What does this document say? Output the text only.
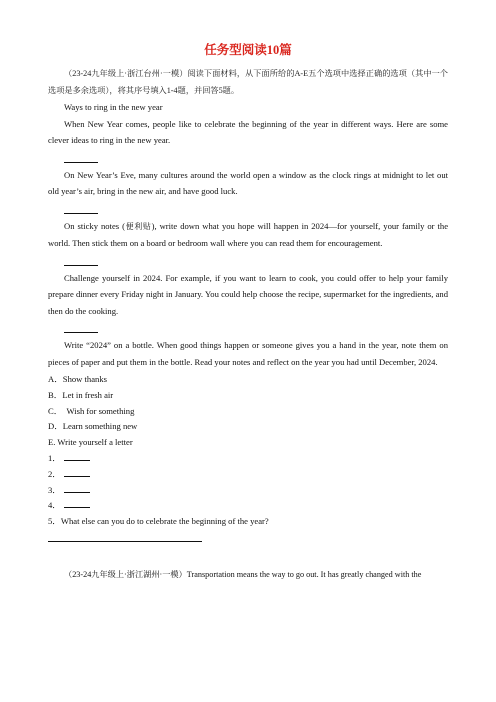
任务型阅读10篇

（23-24九年级上·浙江台州·一模）阅读下面材料，从下面所给的A-E五个选项中选择正确的选项（其中一个选项是多余选项），将其序号填入1-4题，并回答5题。

Ways to ring in the new year

When New Year comes, people like to celebrate the beginning of the year in different ways. Here are some clever ideas to ring in the new year.

On New Year’s Eve, many cultures around the world open a window as the clock rings at midnight to let out old year’s air, bring in the new air, and have good luck.

On sticky notes (便利贴), write down what you hope will happen in 2024—for yourself, your family or the world. Then stick them on a board or bedroom wall where you can read them for encouragement.

Challenge yourself in 2024. For example, if you want to learn to cook, you could offer to help your family prepare dinner every Friday night in January. You could help choose the recipe, supermarket for the ingredients, and then do the cooking.

Write “2024” on a bottle. When good things happen or someone gives you a hand in the year, note them on pieces of paper and put them in the bottle. Read your notes and reflect on the year you had until December, 2024.

A．Show thanks

B．Let in fresh air

C．  Wish for something

D．Learn something new

E. Write yourself a letter

1．

2．

3．

4．

5．What else can you do to celebrate the beginning of the year?

（23-24九年级上·浙江湖州·一模）Transportation means the way to go out. It has greatly changed with the
